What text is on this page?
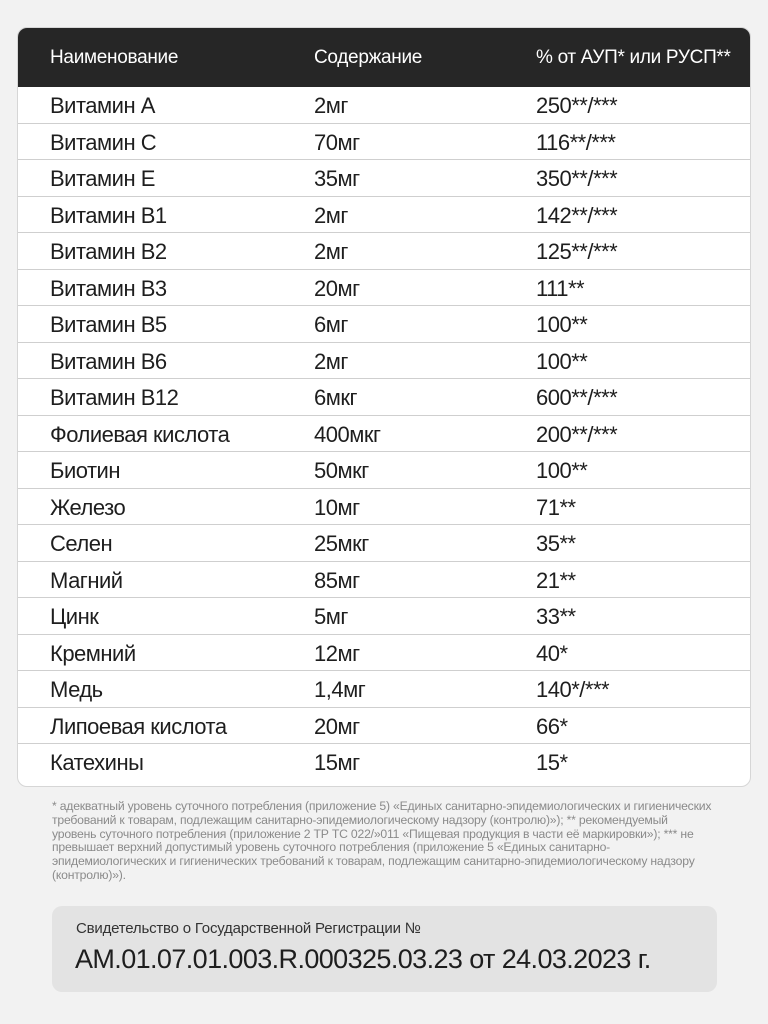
Наименование	Содержание	% от АУП* или РУСП**
Витамин А	2мг	250**/***
Витамин С	70мг	116**/***
Витамин Е	35мг	350**/***
Витамин В1	2мг	142**/***
Витамин В2	2мг	125**/***
Витамин В3	20мг	111**
Витамин В5	6мг	100**
Витамин В6	2мг	100**
Витамин В12	6мкг	600**/***
Фолиевая кислота	400мкг	200**/***
Биотин	50мкг	100**
Железо	10мг	71**
Селен	25мкг	35**
Магний	85мг	21**
Цинк	5мг	33**
Кремний	12мг	40*
Медь	1,4мг	140*/***
Липоевая кислота	20мг	66*
Катехины	15мг	15*
* адекватный уровень суточного потребления (приложение 5) «Единых санитарно-эпидемиологических и гигиенических требований к товарам, подлежащим санитарно-эпидемиологическому надзору (контролю)»); ** рекомендуемый уровень суточного потребления (приложение 2 ТР ТС 022/»011 «Пищевая продукция в части её маркировки»); *** не превышает верхний допустимый уровень суточного потребления (приложение 5 «Единых санитарно-эпидемиологических и гигиенических требований к товарам, подлежащим санитарно-эпидемиологическому надзору (контролю)»).
Свидетельство о Государственной Регистрации №
АМ.01.07.01.003.R.000325.03.23 от 24.03.2023 г.
